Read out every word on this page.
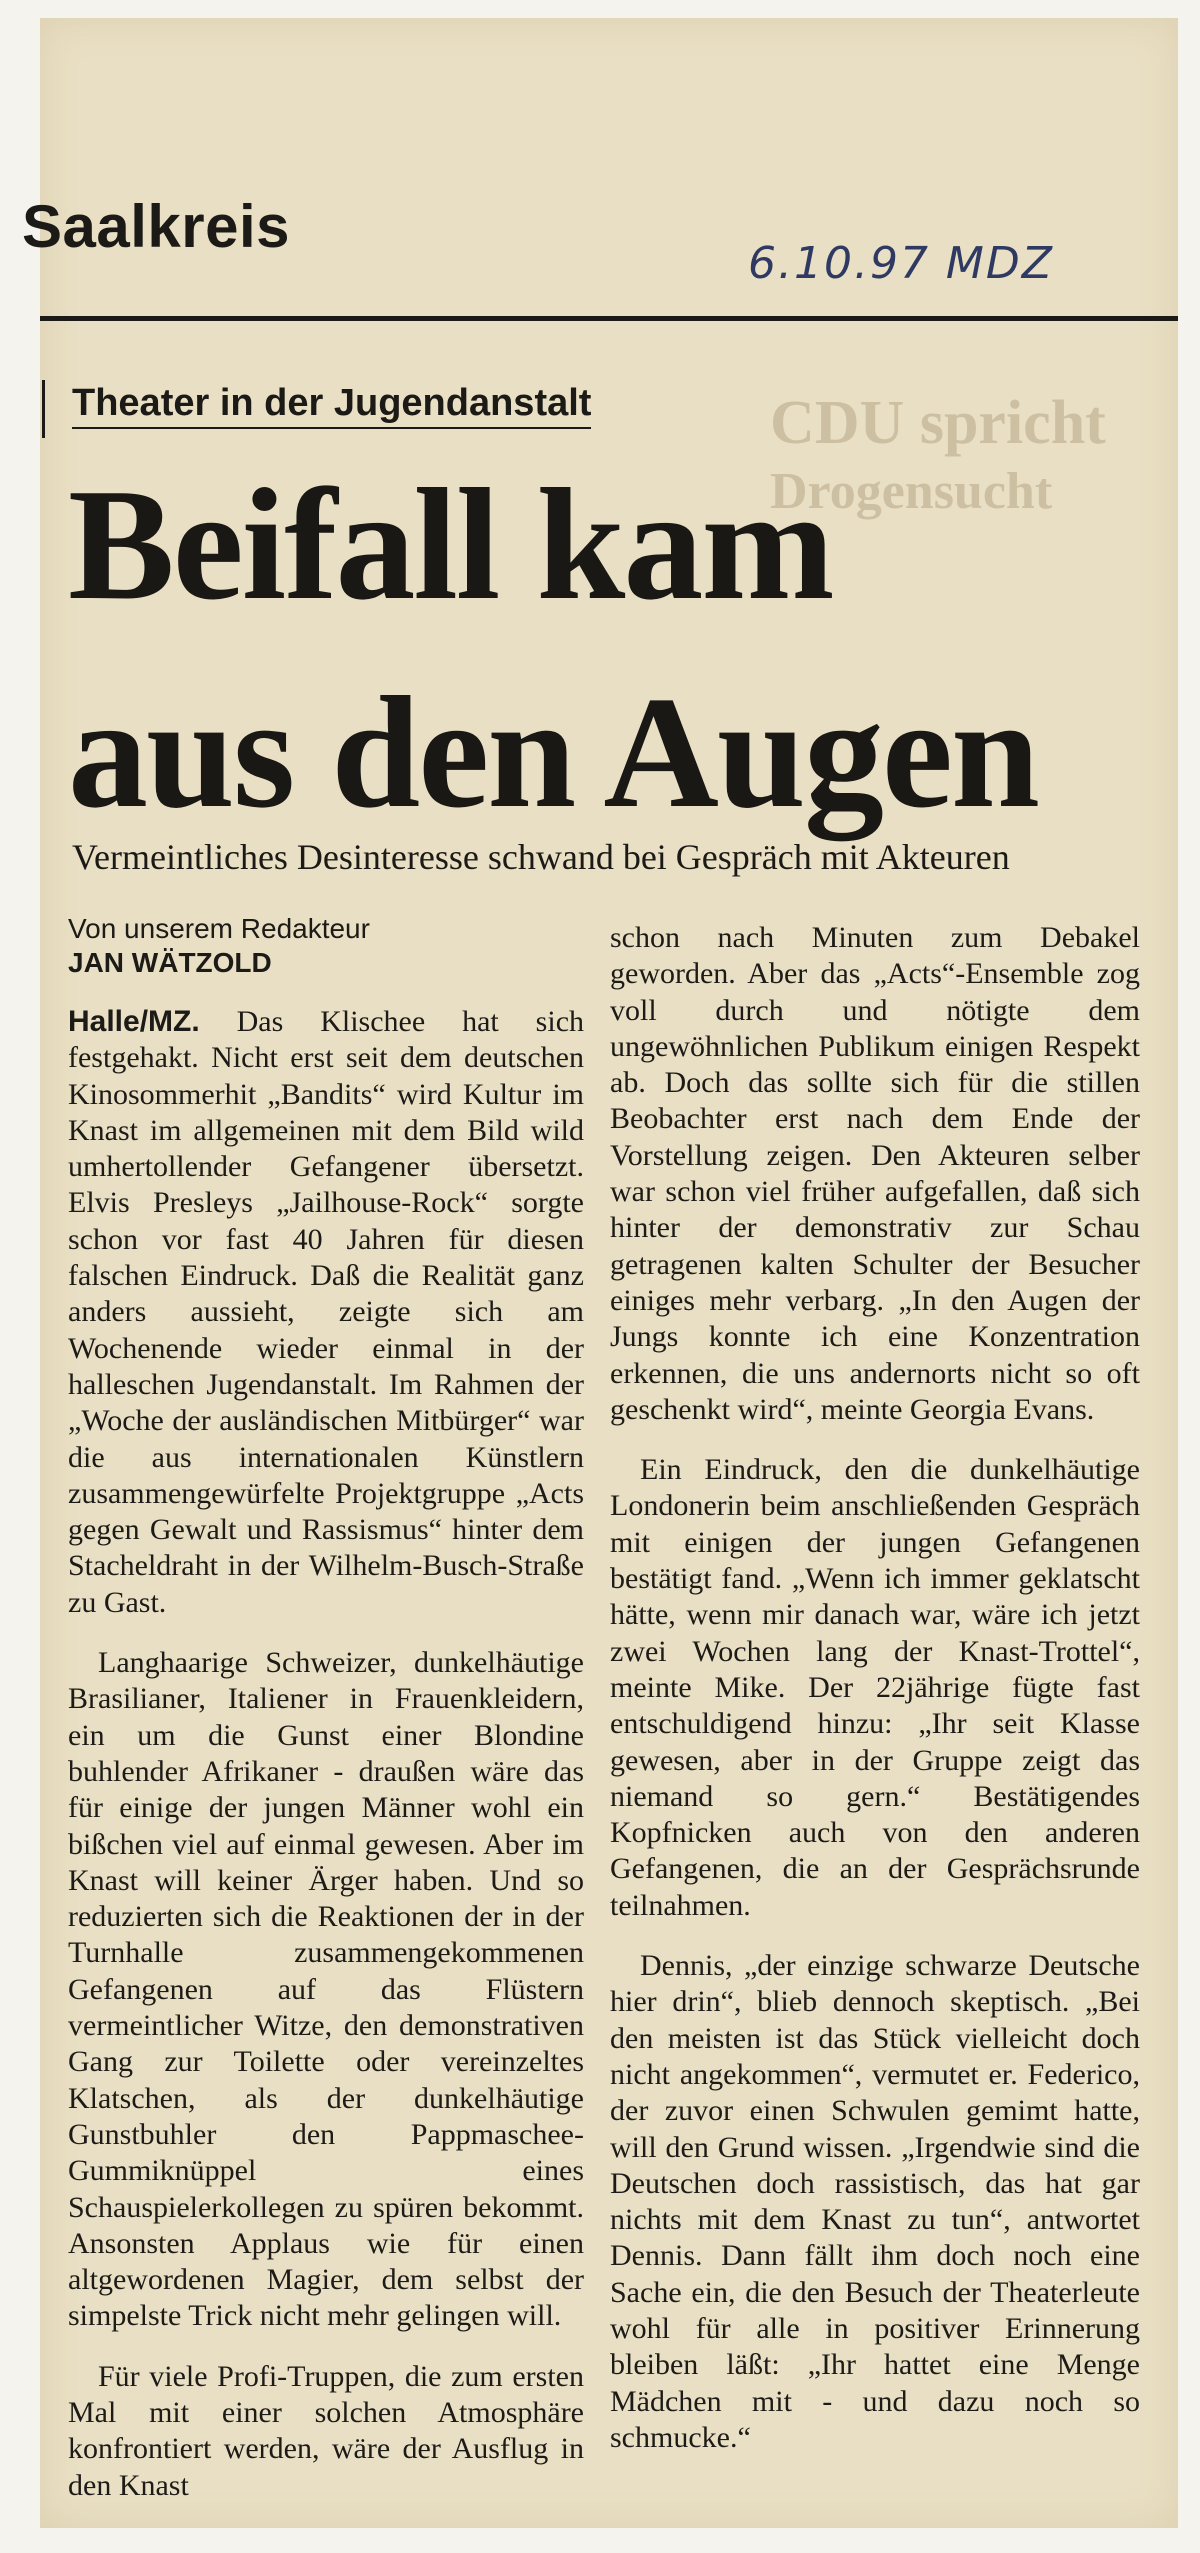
CDU spricht
Drogensucht
Saalkreis
6.10.97 MDZ
Theater in der Jugendanstalt
Beifall kam
aus den Augen
Vermeintliches Desinteresse schwand bei Gespräch mit Akteuren
Von unserem Redakteur
JAN WÄTZOLD

Halle/MZ. Das Klischee hat sich festgehakt. Nicht erst seit dem deutschen Kinosommerhit „Bandits“ wird Kultur im Knast im allgemeinen mit dem Bild wild umhertollender Gefangener übersetzt. Elvis Presleys „Jailhouse-Rock“ sorgte schon vor fast 40 Jahren für diesen falschen Eindruck. Daß die Realität ganz anders aussieht, zeigte sich am Wochenende wieder einmal in der halleschen Jugendanstalt. Im Rahmen der „Woche der ausländischen Mitbürger“ war die aus internationalen Künstlern zusammengewürfelte Projektgruppe „Acts gegen Gewalt und Rassismus“ hinter dem Stacheldraht in der Wilhelm-Busch-Straße zu Gast.

Langhaarige Schweizer, dunkelhäutige Brasilianer, Italiener in Frauenkleidern, ein um die Gunst einer Blondine buhlender Afrikaner - draußen wäre das für einige der jungen Männer wohl ein bißchen viel auf einmal gewesen. Aber im Knast will keiner Ärger haben. Und so reduzierten sich die Reaktionen der in der Turnhalle zusammengekommenen Gefangenen auf das Flüstern vermeintlicher Witze, den demonstrativen Gang zur Toilette oder vereinzeltes Klatschen, als der dunkelhäutige Gunstbuhler den Pappmaschee-Gummiknüppel eines Schauspielerkollegen zu spüren bekommt. Ansonsten Applaus wie für einen altgewordenen Magier, dem selbst der simpelste Trick nicht mehr gelingen will.

Für viele Profi-Truppen, die zum ersten Mal mit einer solchen Atmosphäre konfrontiert werden, wäre der Ausflug in den Knast

schon nach Minuten zum Debakel geworden. Aber das „Acts“-Ensemble zog voll durch und nötigte dem ungewöhnlichen Publikum einigen Respekt ab. Doch das sollte sich für die stillen Beobachter erst nach dem Ende der Vorstellung zeigen. Den Akteuren selber war schon viel früher aufgefallen, daß sich hinter der demonstrativ zur Schau getragenen kalten Schulter der Besucher einiges mehr verbarg. „In den Augen der Jungs konnte ich eine Konzentration erkennen, die uns andernorts nicht so oft geschenkt wird“, meinte Georgia Evans.

Ein Eindruck, den die dunkelhäutige Londonerin beim anschließenden Gespräch mit einigen der jungen Gefangenen bestätigt fand. „Wenn ich immer geklatscht hätte, wenn mir danach war, wäre ich jetzt zwei Wochen lang der Knast-Trottel“, meinte Mike. Der 22jährige fügte fast entschuldigend hinzu: „Ihr seit Klasse gewesen, aber in der Gruppe zeigt das niemand so gern.“ Bestätigendes Kopfnicken auch von den anderen Gefangenen, die an der Gesprächsrunde teilnahmen.

Dennis, „der einzige schwarze Deutsche hier drin“, blieb dennoch skeptisch. „Bei den meisten ist das Stück vielleicht doch nicht angekommen“, vermutet er. Federico, der zuvor einen Schwulen gemimt hatte, will den Grund wissen. „Irgendwie sind die Deutschen doch rassistisch, das hat gar nichts mit dem Knast zu tun“, antwortet Dennis. Dann fällt ihm doch noch eine Sache ein, die den Besuch der Theaterleute wohl für alle in positiver Erinnerung bleiben läßt: „Ihr hattet eine Menge Mädchen mit - und dazu noch so schmucke.“
